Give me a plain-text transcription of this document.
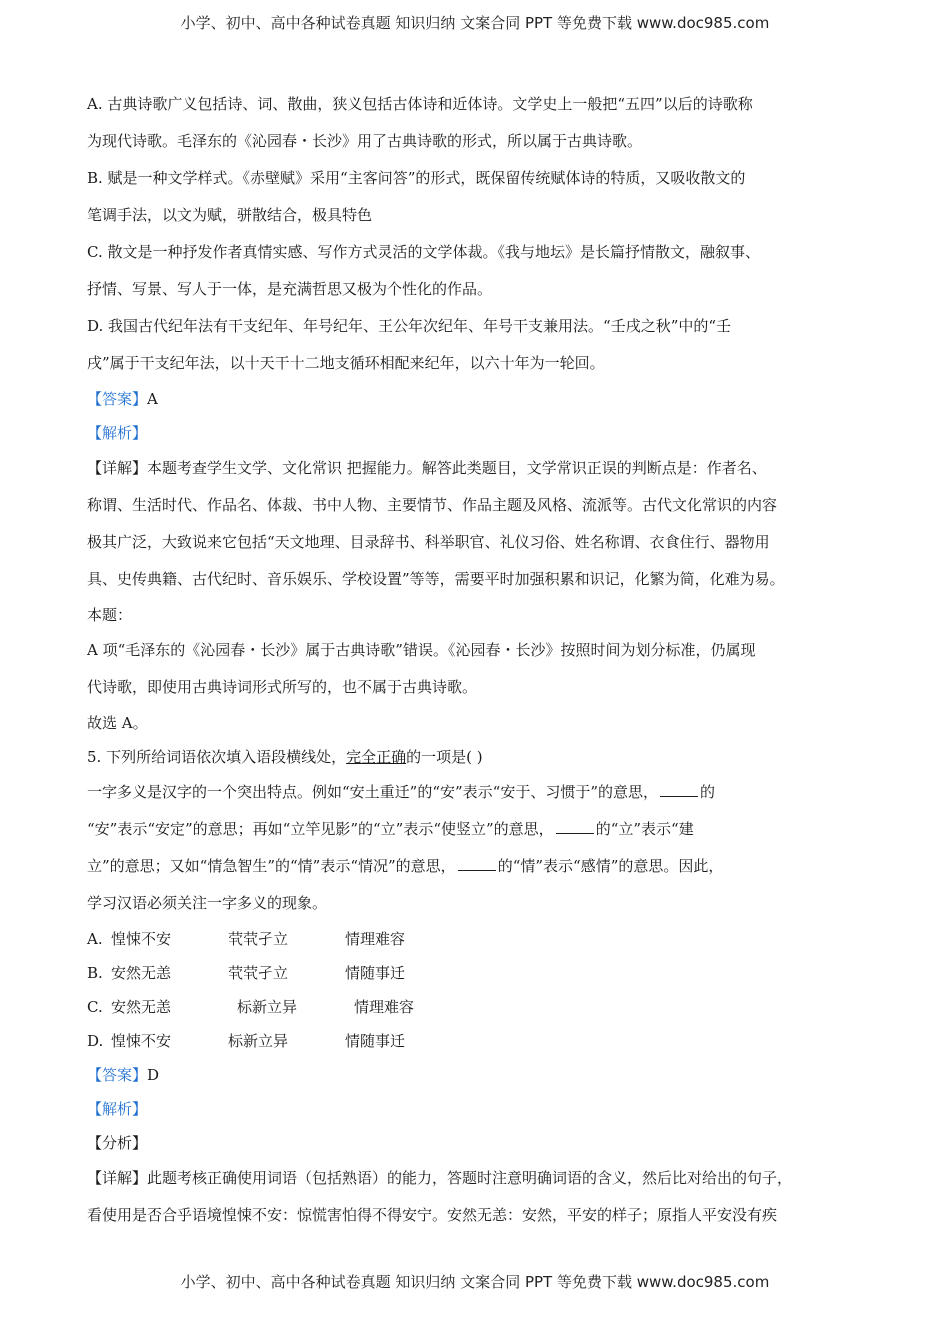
小学、初中、高中各种试卷真题 知识归纳 文案合同 PPT 等免费下载 www.doc985.com

A. 古典诗歌广义包括诗、词、散曲，狭义包括古体诗和近体诗。文学史上一般把“五四”以后的诗歌称

为现代诗歌。毛泽东的《沁园春・长沙》用了古典诗歌的形式，所以属于古典诗歌。

B. 赋是一种文学样式。《赤壁赋》采用“主客问答”的形式，既保留传统赋体诗的特质，又吸收散文的

笔调手法，以文为赋，骈散结合，极具特色

C. 散文是一种抒发作者真情实感、写作方式灵活的文学体裁。《我与地坛》是长篇抒情散文，融叙事、

抒情、写景、写人于一体，是充满哲思又极为个性化的作品。

D. 我国古代纪年法有干支纪年、年号纪年、王公年次纪年、年号干支兼用法。“壬戌之秋”中的“壬

戌”属于干支纪年法，以十天干十二地支循环相配来纪年，以六十年为一轮回。

【答案】A

【解析】

【详解】本题考查学生文学、文化常识 把握能力。解答此类题目，文学常识正误的判断点是：作者名、

称谓、生活时代、作品名、体裁、书中人物、主要情节、作品主题及风格、流派等。古代文化常识的内容

极其广泛，大致说来它包括“天文地理、目录辞书、科举职官、礼仪习俗、姓名称谓、衣食住行、器物用

具、史传典籍、古代纪时、音乐娱乐、学校设置”等等，需要平时加强积累和识记，化繁为简，化难为易。

本题：

A 项“毛泽东的《沁园春・长沙》属于古典诗歌”错误。《沁园春・长沙》按照时间为划分标准，仍属现

代诗歌，即使用古典诗词形式所写的，也不属于古典诗歌。

故选 A。

5. 下列所给词语依次填入语段横线处，完全正确的一项是( )

一字多义是汉字的一个突出特点。例如“安土重迁”的“安”表示“安于、习惯于”的意思，	的

“安”表示“安定”的意思；再如“立竿见影”的“立”表示“使竖立”的意思，	的“立”表示“建

立”的意思；又如“情急智生”的“情”表示“情况”的意思，	的“情”表示“感情”的意思。因此，

学习汉语必须关注一字多义的现象。

A. 惶悚不安	茕茕孑立	情理难容
B. 安然无恙	茕茕孑立	情随事迁
C. 安然无恙	标新立异	情理难容
D. 惶悚不安	标新立异	情随事迁

【答案】D

【解析】

【分析】

【详解】此题考核正确使用词语（包括熟语）的能力，答题时注意明确词语的含义，然后比对给出的句子，

看使用是否合乎语境惶悚不安：惊慌害怕得不得安宁。安然无恙：安然，平安的样子；原指人平安没有疾

小学、初中、高中各种试卷真题 知识归纳 文案合同 PPT 等免费下载 www.doc985.com
